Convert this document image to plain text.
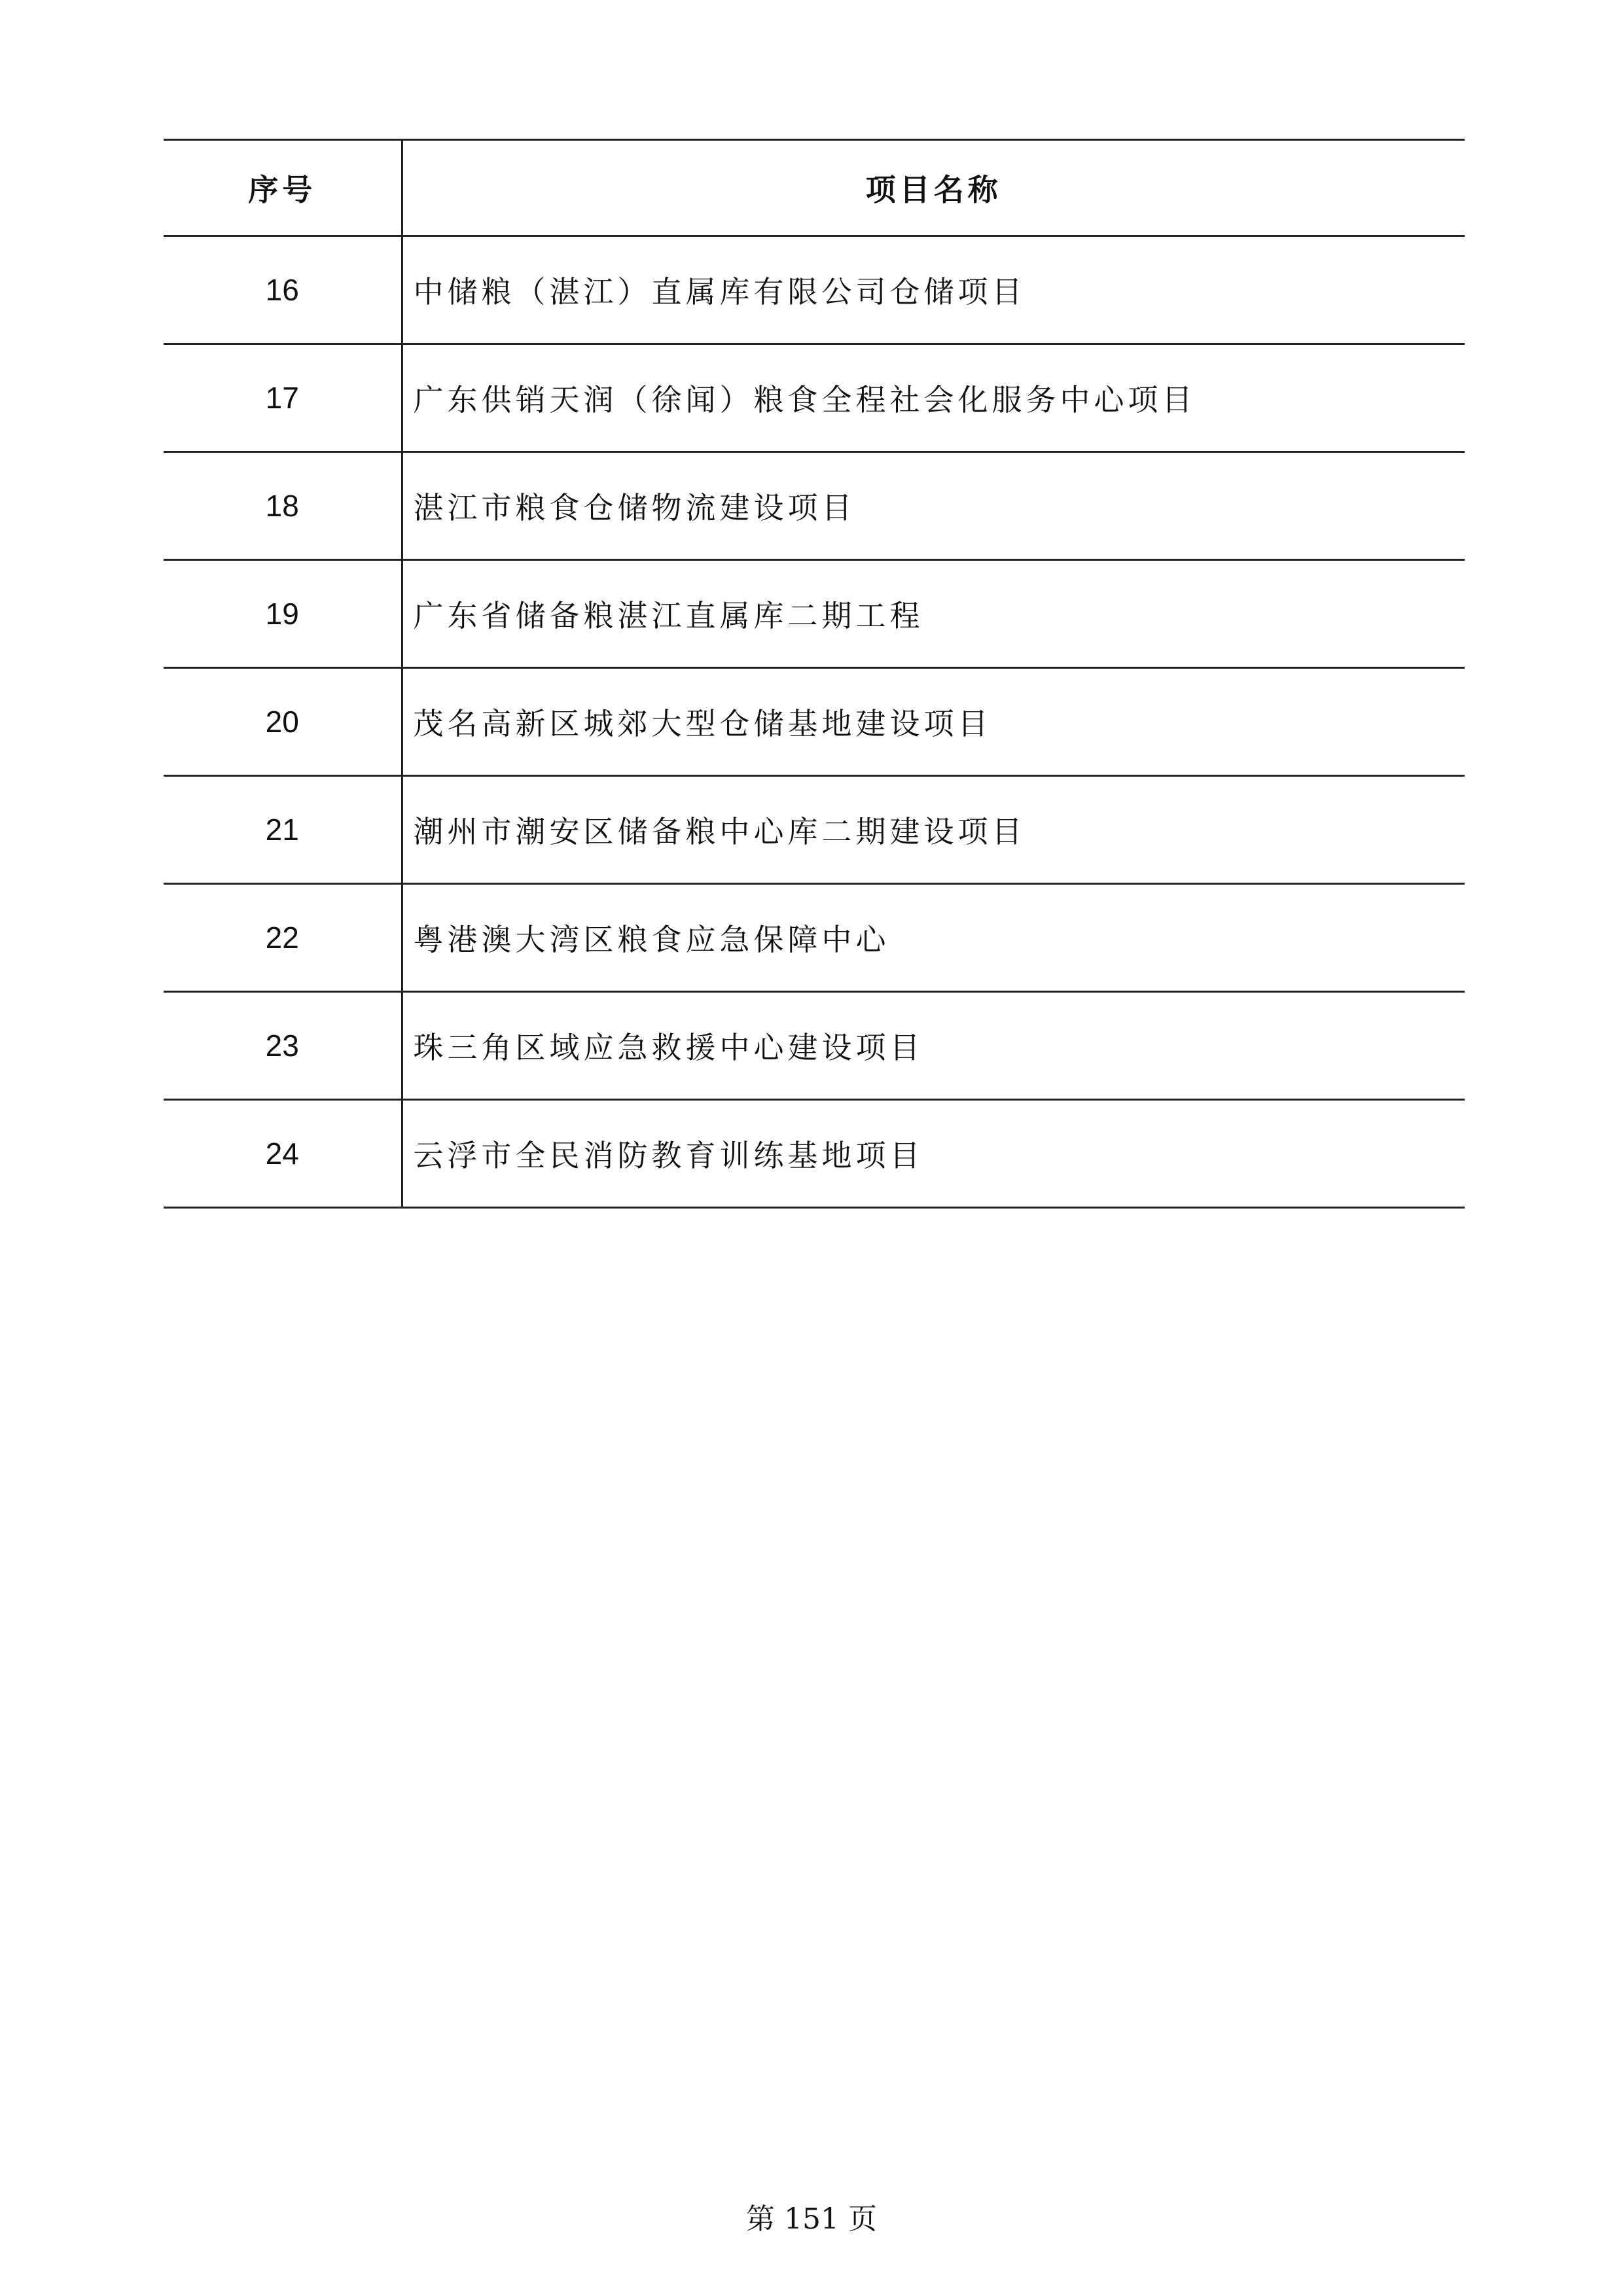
序号	项目名称
16	中储粮（湛江）直属库有限公司仓储项目
17	广东供销天润（徐闻）粮食全程社会化服务中心项目
18	湛江市粮食仓储物流建设项目
19	广东省储备粮湛江直属库二期工程
20	茂名高新区城郊大型仓储基地建设项目
21	潮州市潮安区储备粮中心库二期建设项目
22	粤港澳大湾区粮食应急保障中心
23	珠三角区域应急救援中心建设项目
24	云浮市全民消防教育训练基地项目
第 151 页
